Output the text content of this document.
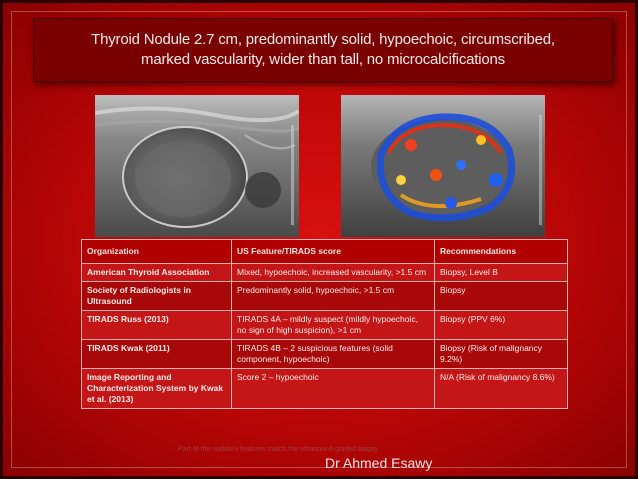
Thyroid Nodule 2.7 cm, predominantly solid, hypoechoic, circumscribed,
marked vascularity, wider than tall, no microcalcifications
Organization	US Feature/TIRADS score	Recommendations
American Thyroid Association	Mixed, hypoechoic, increased vascularity, >1.5 cm	Biopsy, Level B
Society of Radiologists in Ultrasound	Predominantly solid, hypoechoic, >1.5 cm	Biopsy
TIRADS Russ (2013)	TIRADS 4A – mildly suspect (mildly hypoechoic, no sign of high suspicion), >1 cm	Biopsy (PPV 6%)
TIRADS Kwak (2011)	TIRADS 4B – 2 suspicious features (solid component, hypoechoic)	Biopsy (Risk of malignancy 9.2%)
Image Reporting and Characterization System by Kwak et al. (2013)	Score 2 – hypoechoic	N/A (Risk of malignancy 8.6%)
Part of the nodule's features match the ultrasound-guided biopsy
Dr Ahmed Esawy
